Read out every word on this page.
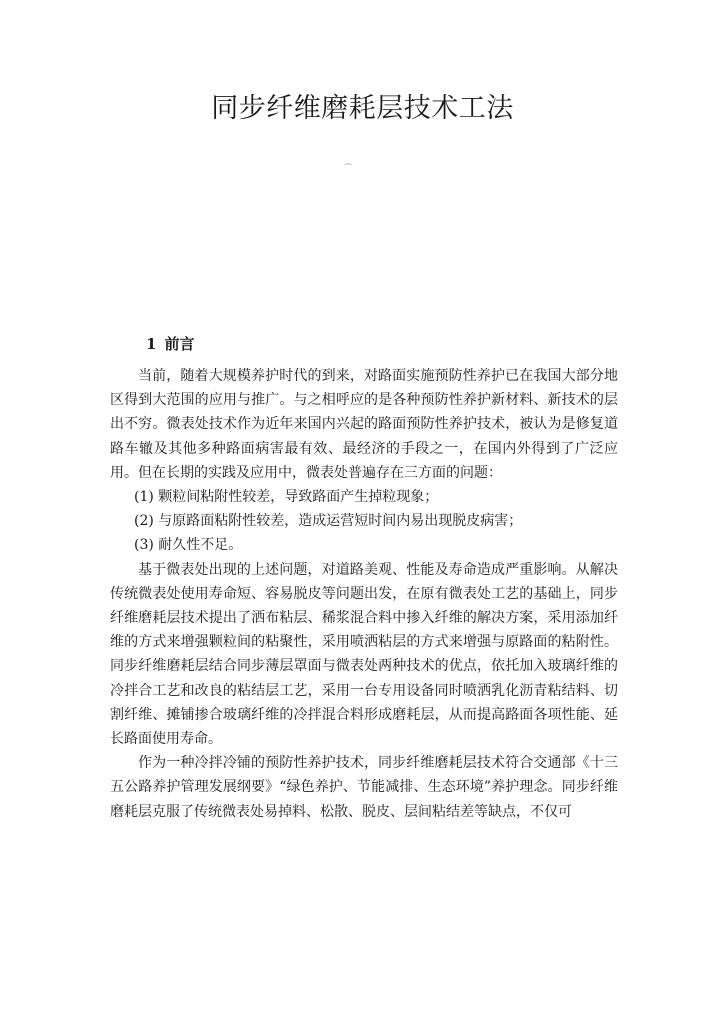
同步纤维磨耗层技术工法
⁀
1 前言

当前，随着大规模养护时代的到来，对路面实施预防性养护已在我国大部分地区得到大范围的应用与推广。与之相呼应的是各种预防性养护新材料、新技术的层出不穷。微表处技术作为近年来国内兴起的路面预防性养护技术，被认为是修复道路车辙及其他多种路面病害最有效、最经济的手段之一，在国内外得到了广泛应用。但在长期的实践及应用中，微表处普遍存在三方面的问题：

(1) 颗粒间粘附性较差，导致路面产生掉粒现象；

(2) 与原路面粘附性较差，造成运营短时间内易出现脱皮病害；

(3) 耐久性不足。

基于微表处出现的上述问题，对道路美观、性能及寿命造成严重影响。从解决传统微表处使用寿命短、容易脱皮等问题出发，在原有微表处工艺的基础上，同步纤维磨耗层技术提出了洒布粘层、稀浆混合料中掺入纤维的解决方案，采用添加纤维的方式来增强颗粒间的粘聚性，采用喷洒粘层的方式来增强与原路面的粘附性。同步纤维磨耗层结合同步薄层罩面与微表处两种技术的优点，依托加入玻璃纤维的冷拌合工艺和改良的粘结层工艺，采用一台专用设备同时喷洒乳化沥青粘结料、切割纤维、摊铺掺合玻璃纤维的冷拌混合料形成磨耗层，从而提高路面各项性能、延长路面使用寿命。

作为一种冷拌冷铺的预防性养护技术，同步纤维磨耗层技术符合交通部《十三五公路养护管理发展纲要》“绿色养护、节能减排、生态环境”养护理念。同步纤维磨耗层克服了传统微表处易掉料、松散、脱皮、层间粘结差等缺点，不仅可
